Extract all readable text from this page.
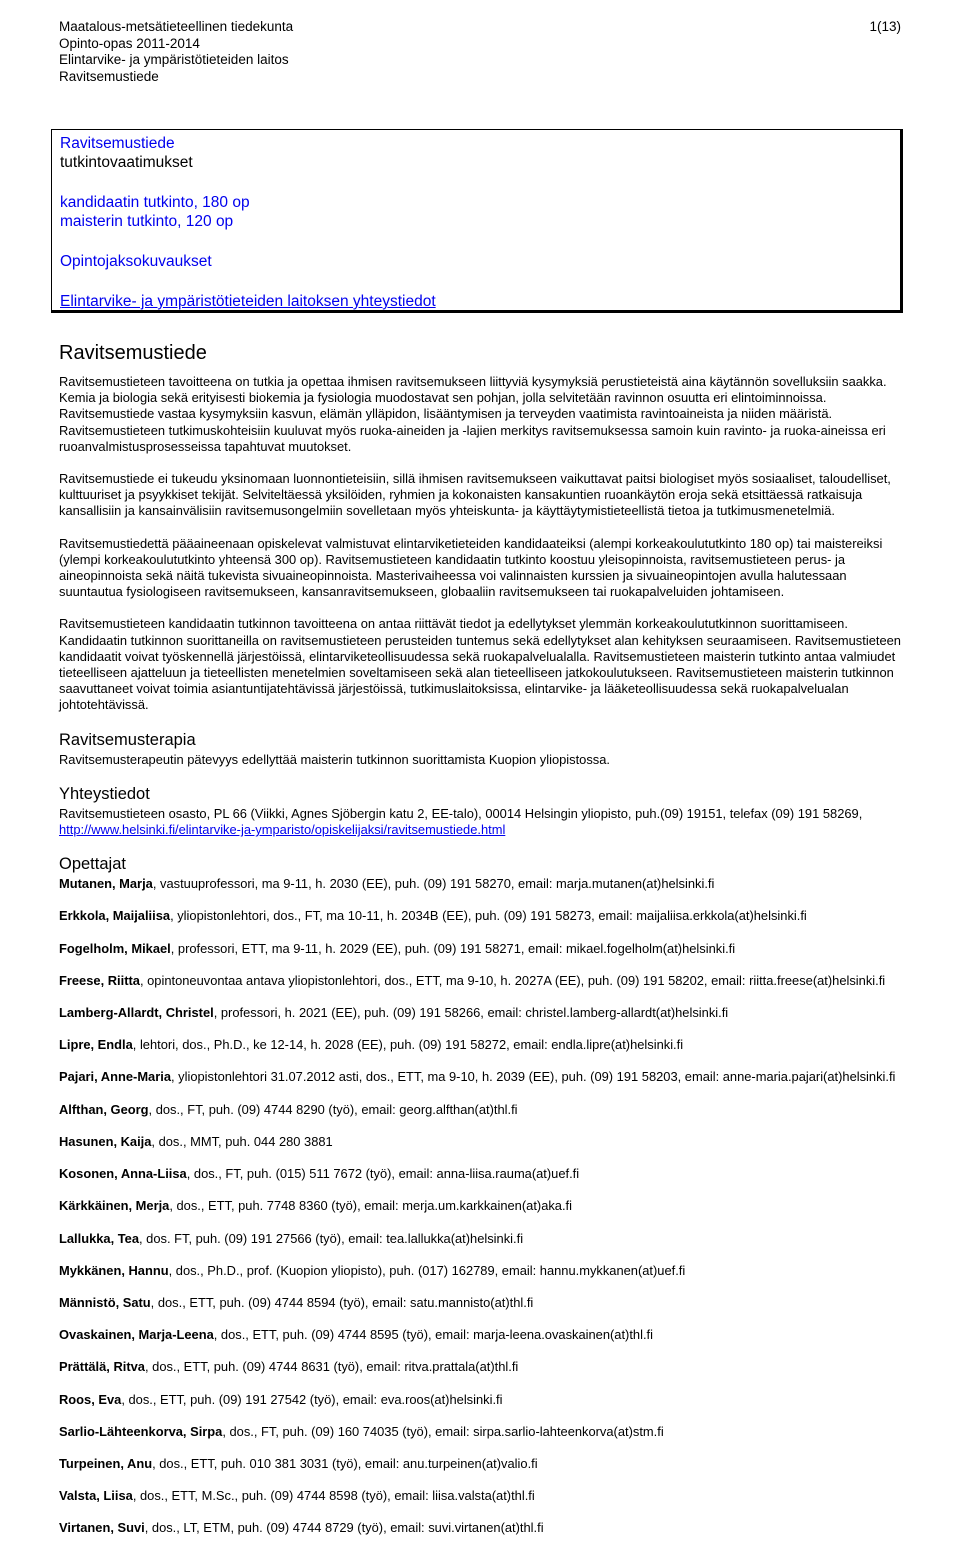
Maatalous-metsätieteellinen tiedekunta
Opinto-opas 2011-2014
Elintarvike- ja ympäristötieteiden laitos
Ravitsemustiede
1(13)
Ravitsemustiede
tutkintovaatimukset
kandidaatin tutkinto, 180 op
maisterin tutkinto, 120 op
Opintojaksokuvaukset
Elintarvike- ja ympäristötieteiden laitoksen yhteystiedot
Ravitsemustiede

Ravitsemustieteen tavoitteena on tutkia ja opettaa ihmisen ravitsemukseen liittyviä kysymyksiä perustieteistä aina käytännön sovelluksiin saakka. Kemia ja biologia sekä erityisesti biokemia ja fysiologia muodostavat sen pohjan, jolla selvitetään ravinnon osuutta eri elintoiminnoissa. Ravitsemustiede vastaa kysymyksiin kasvun, elämän ylläpidon, lisääntymisen ja terveyden vaatimista ravintoaineista ja niiden määristä. Ravitsemustieteen tutkimuskohteisiin kuuluvat myös ruoka-aineiden ja -lajien merkitys ravitsemuksessa samoin kuin ravinto- ja ruoka-aineissa eri ruoanvalmistusprosesseissa tapahtuvat muutokset.

Ravitsemustiede ei tukeudu yksinomaan luonnontieteisiin, sillä ihmisen ravitsemukseen vaikuttavat paitsi biologiset myös sosiaaliset, taloudelliset, kulttuuriset ja psyykkiset tekijät. Selviteltäessä yksilöiden, ryhmien ja kokonaisten kansakuntien ruoankäytön eroja sekä etsittäessä ratkaisuja kansallisiin ja kansainvälisiin ravitsemusongelmiin sovelletaan myös yhteiskunta- ja käyttäytymistieteellistä tietoa ja tutkimusmenetelmiä.

Ravitsemustiedettä pääaineenaan opiskelevat valmistuvat elintarviketieteiden kandidaateiksi (alempi korkeakoulututkinto 180 op) tai maistereiksi (ylempi korkeakoulututkinto yhteensä 300 op). Ravitsemustieteen kandidaatin tutkinto koostuu yleisopinnoista, ravitsemustieteen perus- ja aineopinnoista sekä näitä tukevista sivuaineopinnoista. Masterivaiheessa voi valinnaisten kurssien ja sivuaineopintojen avulla halutessaan suuntautua fysiologiseen ravitsemukseen, kansanravitsemukseen, globaaliin ravitsemukseen tai ruokapalveluiden johtamiseen.

Ravitsemustieteen kandidaatin tutkinnon tavoitteena on antaa riittävät tiedot ja edellytykset ylemmän korkeakoulututkinnon suorittamiseen. Kandidaatin tutkinnon suorittaneilla on ravitsemustieteen perusteiden tuntemus sekä edellytykset alan kehityksen seuraamiseen. Ravitsemustieteen kandidaatit voivat työskennellä järjestöissä, elintarviketeollisuudessa sekä ruokapalvelualalla. Ravitsemustieteen maisterin tutkinto antaa valmiudet tieteelliseen ajatteluun ja tieteellisten menetelmien soveltamiseen sekä alan tieteelliseen jatkokoulutukseen. Ravitsemustieteen maisterin tutkinnon saavuttaneet voivat toimia asiantuntijatehtävissä järjestöissä, tutkimuslaitoksissa, elintarvike- ja lääketeollisuudessa sekä ruokapalvelualan johtotehtävissä.

Ravitsemusterapia

Ravitsemusterapeutin pätevyys edellyttää maisterin tutkinnon suorittamista Kuopion yliopistossa.

Yhteystiedot

Ravitsemustieteen osasto, PL 66 (Viikki, Agnes Sjöbergin katu 2, EE-talo), 00014 Helsingin yliopisto, puh.(09) 19151, telefax (09) 191 58269, http://www.helsinki.fi/elintarvike-ja-ymparisto/opiskelijaksi/ravitsemustiede.html

Opettajat

Mutanen, Marja, vastuuprofessori, ma 9-11, h. 2030 (EE), puh. (09) 191 58270, email: marja.mutanen(at)helsinki.fi

Erkkola, Maijaliisa, yliopistonlehtori, dos., FT, ma 10-11, h. 2034B (EE), puh. (09) 191 58273, email: maijaliisa.erkkola(at)helsinki.fi

Fogelholm, Mikael, professori, ETT, ma 9-11, h. 2029 (EE), puh. (09) 191 58271, email: mikael.fogelholm(at)helsinki.fi

Freese, Riitta, opintoneuvontaa antava yliopistonlehtori, dos., ETT, ma 9-10, h. 2027A (EE), puh. (09) 191 58202, email: riitta.freese(at)helsinki.fi

Lamberg-Allardt, Christel, professori, h. 2021 (EE), puh. (09) 191 58266, email: christel.lamberg-allardt(at)helsinki.fi

Lipre, Endla, lehtori, dos., Ph.D., ke 12-14, h. 2028 (EE), puh. (09) 191 58272, email: endla.lipre(at)helsinki.fi

Pajari, Anne-Maria, yliopistonlehtori 31.07.2012 asti, dos., ETT, ma 9-10, h. 2039 (EE), puh. (09) 191 58203, email: anne-maria.pajari(at)helsinki.fi

Alfthan, Georg, dos., FT, puh. (09) 4744 8290 (työ), email: georg.alfthan(at)thl.fi

Hasunen, Kaija, dos., MMT, puh. 044 280 3881

Kosonen, Anna-Liisa, dos., FT, puh. (015) 511 7672 (työ), email: anna-liisa.rauma(at)uef.fi

Kärkkäinen, Merja, dos., ETT, puh. 7748 8360 (työ), email: merja.um.karkkainen(at)aka.fi

Lallukka, Tea, dos. FT, puh. (09) 191 27566 (työ), email: tea.lallukka(at)helsinki.fi

Mykkänen, Hannu, dos., Ph.D., prof. (Kuopion yliopisto), puh. (017) 162789, email: hannu.mykkanen(at)uef.fi

Männistö, Satu, dos., ETT, puh. (09) 4744 8594 (työ), email: satu.mannisto(at)thl.fi

Ovaskainen, Marja-Leena, dos., ETT, puh. (09) 4744 8595 (työ), email: marja-leena.ovaskainen(at)thl.fi

Prättälä, Ritva, dos., ETT, puh. (09) 4744 8631 (työ), email: ritva.prattala(at)thl.fi

Roos, Eva, dos., ETT, puh. (09) 191 27542 (työ), email: eva.roos(at)helsinki.fi

Sarlio-Lähteenkorva, Sirpa, dos., FT, puh. (09) 160 74035 (työ), email: sirpa.sarlio-lahteenkorva(at)stm.fi

Turpeinen, Anu, dos., ETT, puh. 010 381 3031 (työ), email: anu.turpeinen(at)valio.fi

Valsta, Liisa, dos., ETT, M.Sc., puh. (09) 4744 8598 (työ), email: liisa.valsta(at)thl.fi

Virtanen, Suvi, dos., LT, ETM, puh. (09) 4744 8729 (työ), email: suvi.virtanen(at)thl.fi
